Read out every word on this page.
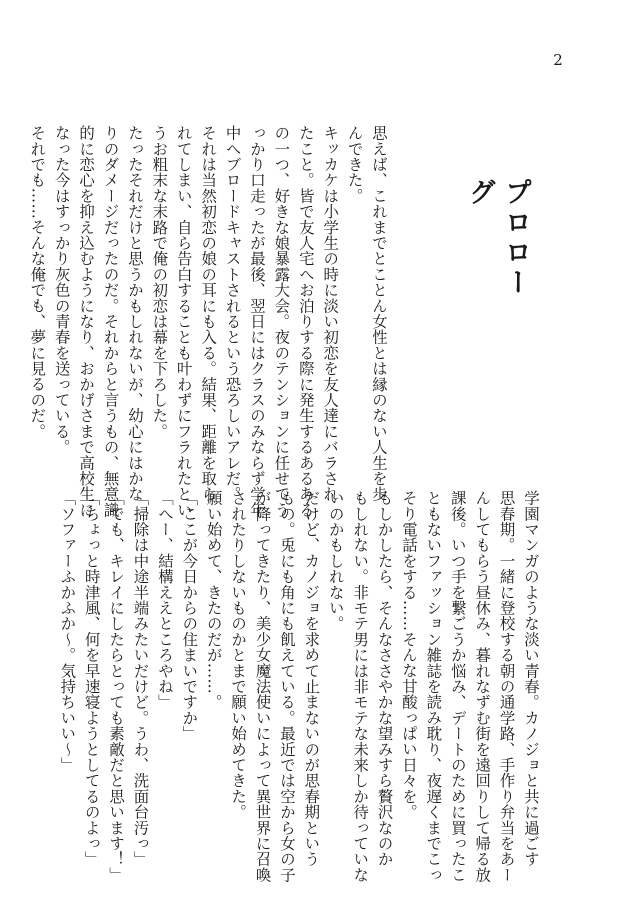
2
プロローグ
思えば、これまでとことん女性とは縁のない人生を歩
んできた。
キッカケは小学生の時に淡い初恋を友人達にバラされ
たこと。皆で友人宅へお泊りする際に発生するあるある
の一つ、好きな娘暴露大会。夜のテンションに任せてう
っかり口走ったが最後、翌日にはクラスのみならず学年
中へブロードキャストされるという恐ろしいアレだ。
それは当然初恋の娘の耳にも入る。結果、距離を取ら
れてしまい、自ら告白することも叶わずにフラれたとい
うお粗末な末路で俺の初恋は幕を下ろした。
たったそれだけと思うかもしれないが、幼心にはかな
りのダメージだったのだ。それからと言うもの、無意識
的に恋心を抑え込むようになり、おかげさまで高校生に
なった今はすっかり灰色の青春を送っている。
それでも……そんな俺でも、夢に見るのだ。
学園マンガのような淡い青春。カノジョと共に過ごす
思春期。一緒に登校する朝の通学路、手作り弁当をあー
んしてもらう昼休み、暮れなずむ街を遠回りして帰る放
課後。いつ手を繋ごうか悩み、デートのために買ったこ
ともないファッション雑誌を読み耽り、夜遅くまでこっ
そり電話をする……そんな甘酸っぱい日々を。
もしかしたら、そんなささやかな望みすら贅沢なのか
もしれない。非モテ男には非モテな未来しか待っていな
いのかもしれない。
だけど、カノジョを求めて止まないのが思春期という
もの。兎にも角にも飢えている。最近では空から女の子
が降ってきたり、美少女魔法使いによって異世界に召喚
されたりしないものかとまで願い始めてきた。
願い始めて、きたのだが……。
「ここが今日からの住まいですか」
「へー、結構ええところやね」
「掃除は中途半端みたいだけど。うわ、洗面台汚っ」
「でも、キレイにしたらとっても素敵だと思います！」
「ちょっと時津風、何を早速寝ようとしてるのよっ」
「ソファーふかふか～。気持ちいい～」
